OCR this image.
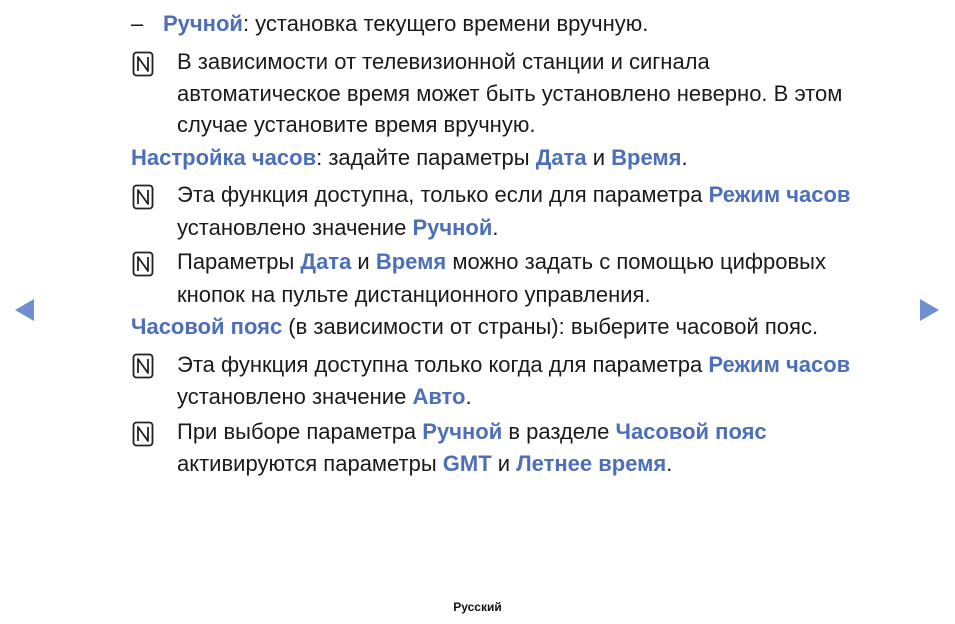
– Ручной: установка текущего времени вручную.
В зависимости от телевизионной станции и сигнала
автоматическое время может быть установлено неверно. В этом
случае установите время вручную.
Настройка часов: задайте параметры Дата и Время.
Эта функция доступна, только если для параметра Режим часов
установлено значение Ручной.
Параметры Дата и Время можно задать с помощью цифровых
кнопок на пульте дистанционного управления.
Часовой пояс (в зависимости от страны): выберите часовой пояс.
Эта функция доступна только когда для параметра Режим часов
установлено значение Авто.
При выборе параметра Ручной в разделе Часовой пояс
активируются параметры GMT и Летнее время.
Русский
